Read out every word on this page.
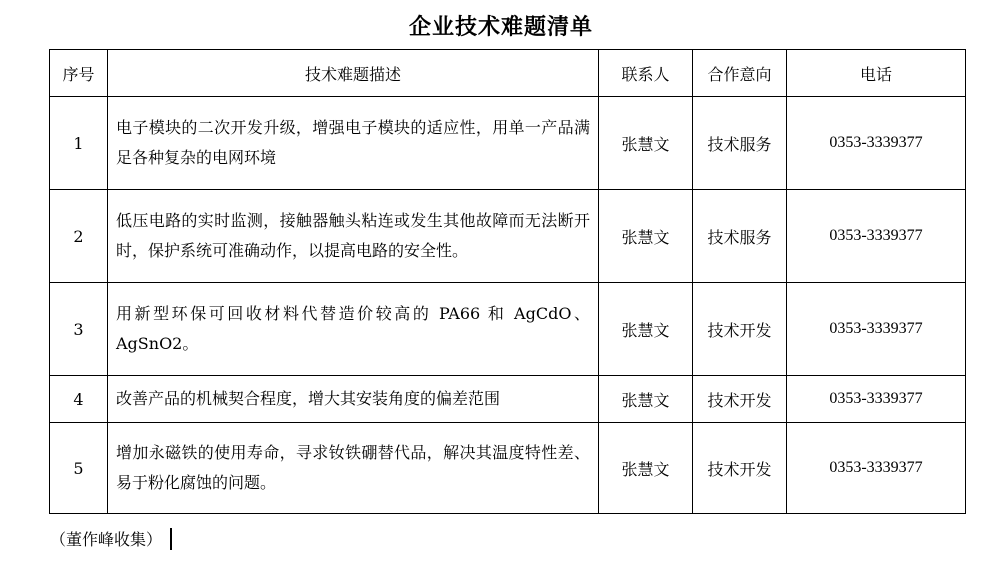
企业技术难题清单
序号	技术难题描述	联系人	合作意向	电话
1	电子模块的二次开发升级，增强电子模块的适应性，用单一产品满足各种复杂的电网环境	张慧文	技术服务	0353-3339377
2	低压电路的实时监测，接触器触头粘连或发生其他故障而无法断开时，保护系统可准确动作，以提高电路的安全性。	张慧文	技术服务	0353-3339377
3	用新型环保可回收材料代替造价较高的 PA66 和 AgCdO、AgSnO2。	张慧文	技术开发	0353-3339377
4	改善产品的机械契合程度，增大其安装角度的偏差范围	张慧文	技术开发	0353-3339377
5	增加永磁铁的使用寿命，寻求钕铁硼替代品，解决其温度特性差、易于粉化腐蚀的问题。	张慧文	技术开发	0353-3339377
（董作峰收集）
